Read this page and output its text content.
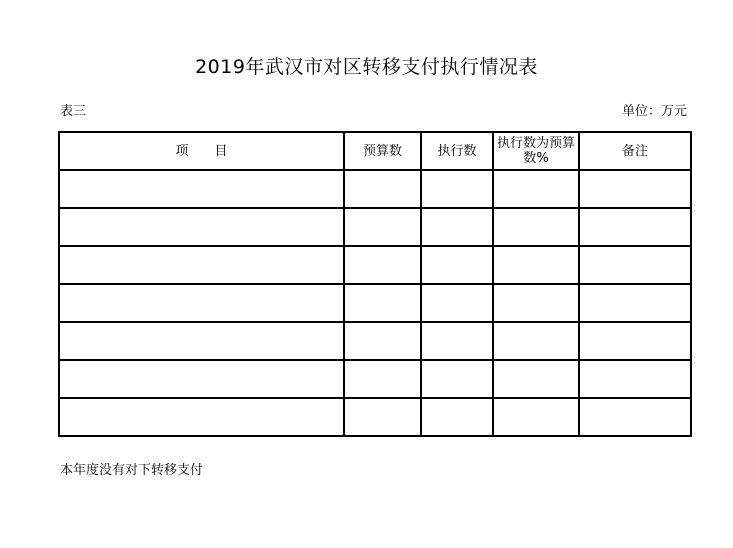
2019年武汉市对区转移支付执行情况表
表三	单位：万元
项　　目	预算数	执行数	执行数为预算数%	备注

本年度没有对下转移支付
